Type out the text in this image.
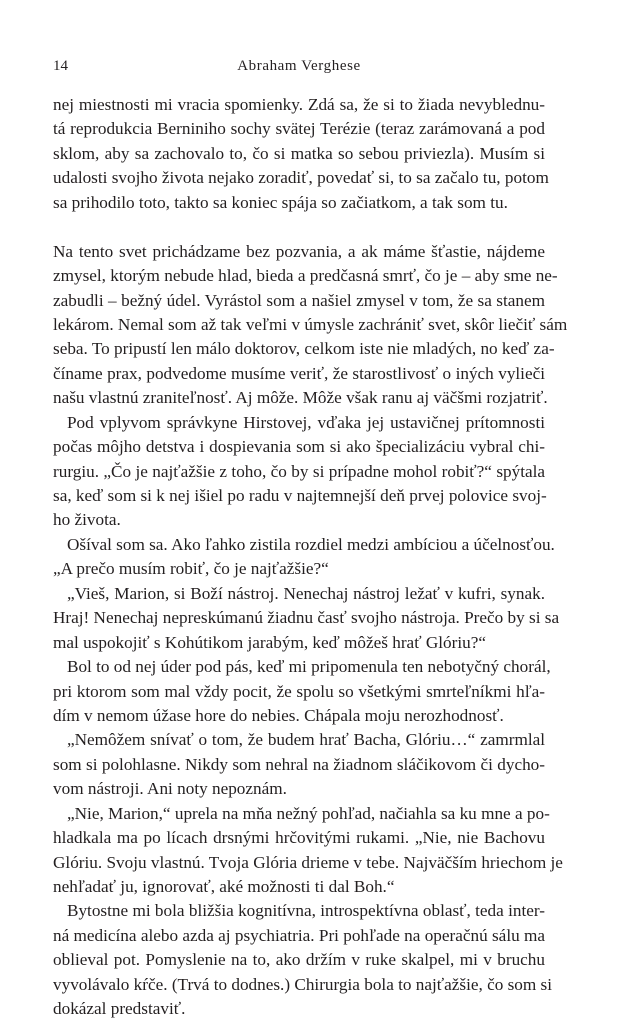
14	Abraham Verghese
nej miestnosti mi vracia spomienky. Zdá sa, že si to žiada nevyblednu-
tá reprodukcia Berniniho sochy svätej Terézie (teraz zarámovaná a pod
sklom, aby sa zachovalo to, čo si matka so sebou priviezla). Musím si
udalosti svojho života nejako zoradiť, povedať si, to sa začalo tu, potom
sa prihodilo toto, takto sa koniec spája so začiatkom, a tak som tu.
Na tento svet prichádzame bez pozvania, a ak máme šťastie, nájdeme
zmysel, ktorým nebude hlad, bieda a predčasná smrť, čo je – aby sme ne-
zabudli – bežný údel. Vyrástol som a našiel zmysel v tom, že sa stanem
lekárom. Nemal som až tak veľmi v úmysle zachrániť svet, skôr liečiť sám
seba. To pripustí len málo doktorov, celkom iste nie mladých, no keď za-
číname prax, podvedome musíme veriť, že starostlivosť o iných vylieči
našu vlastnú zraniteľnosť. Aj môže. Môže však ranu aj väčšmi rozjatriť.
Pod vplyvom správkyne Hirstovej, vďaka jej ustavičnej prítomnosti
počas môjho detstva i dospievania som si ako špecializáciu vybral chi-
rurgiu. „Čo je najťažšie z toho, čo by si prípadne mohol robiť?“ spýtala
sa, keď som si k nej išiel po radu v najtemnejší deň prvej polovice svoj-
ho života.
Ošíval som sa. Ako ľahko zistila rozdiel medzi ambíciou a účelnosťou.
„A prečo musím robiť, čo je najťažšie?“
„Vieš, Marion, si Boží nástroj. Nenechaj nástroj ležať v kufri, synak.
Hraj! Nenechaj nepreskúmanú žiadnu časť svojho nástroja. Prečo by si sa
mal uspokojiť s Kohútikom jarabým, keď môžeš hrať Glóriu?“
Bol to od nej úder pod pás, keď mi pripomenula ten nebotyčný chorál,
pri ktorom som mal vždy pocit, že spolu so všetkými smrteľníkmi hľa-
dím v nemom úžase hore do nebies. Chápala moju nerozhodnosť.
„Nemôžem snívať o tom, že budem hrať Bacha, Glóriu…“ zamrmlal
som si polohlasne. Nikdy som nehral na žiadnom sláčikovom či dycho-
vom nástroji. Ani noty nepoznám.
„Nie, Marion,“ uprela na mňa nežný pohľad, načiahla sa ku mne a po-
hladkala ma po lícach drsnými hrčovitými rukami. „Nie, nie Bachovu
Glóriu. Svoju vlastnú. Tvoja Glória drieme v tebe. Najväčším hriechom je
nehľadať ju, ignorovať, aké možnosti ti dal Boh.“
Bytostne mi bola bližšia kognitívna, introspektívna oblasť, teda inter-
ná medicína alebo azda aj psychiatria. Pri pohľade na operačnú sálu ma
oblieval pot. Pomyslenie na to, ako držím v ruke skalpel, mi v bruchu
vyvolávalo kŕče. (Trvá to dodnes.) Chirurgia bola to najťažšie, čo som si
dokázal predstaviť.
